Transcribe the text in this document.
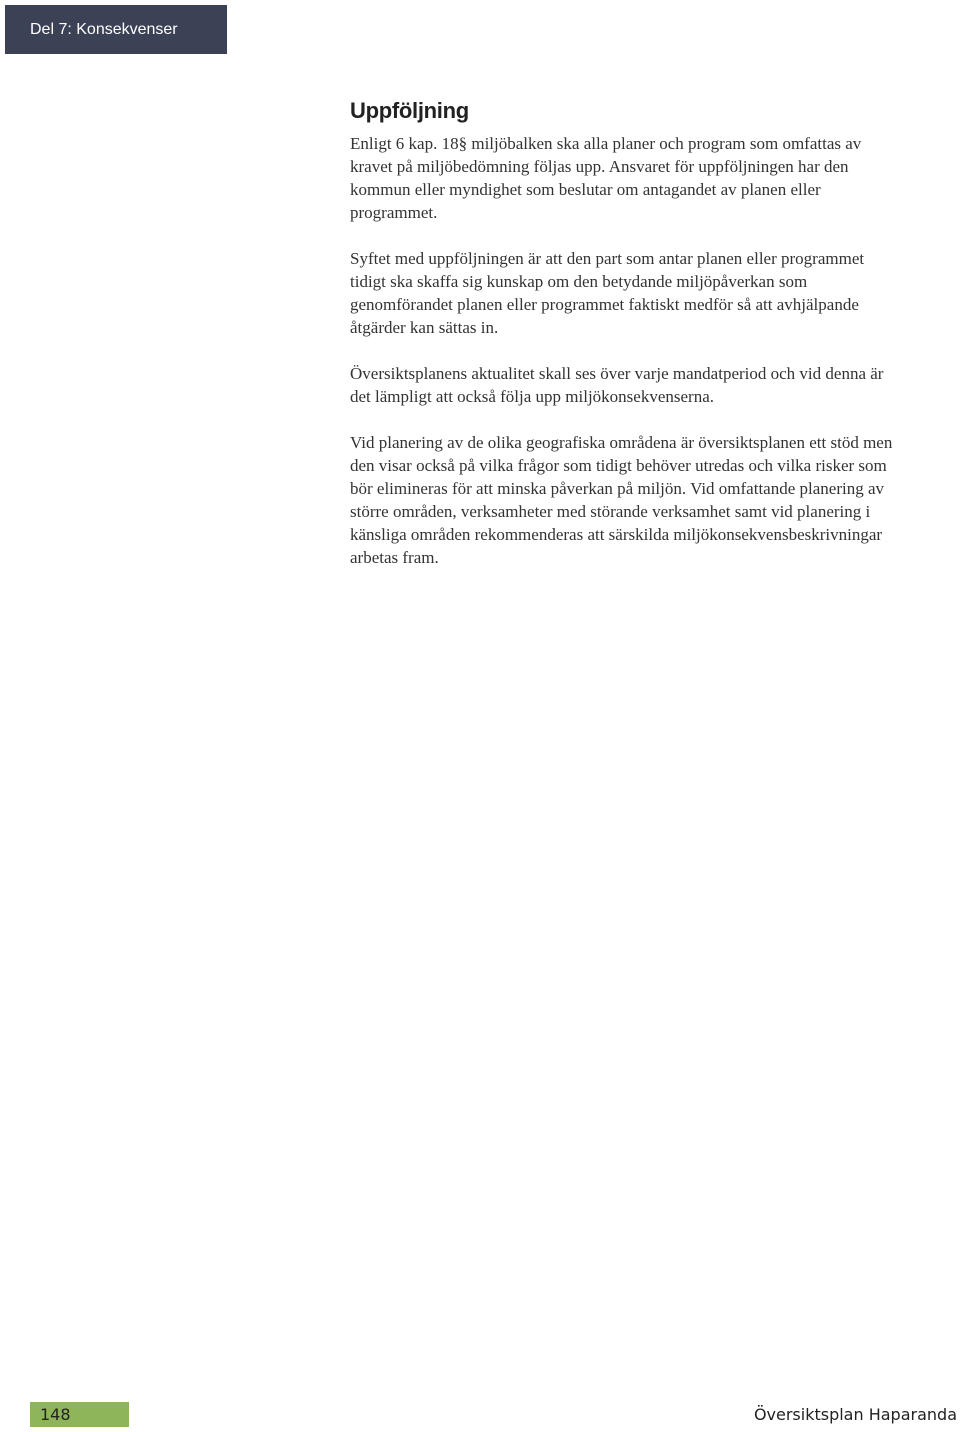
Del 7: Konsekvenser
Uppföljning

Enligt 6 kap. 18§ miljöbalken ska alla planer och program som omfattas av kravet på miljöbedömning följas upp. Ansvaret för uppföljningen har den kommun eller myndighet som beslutar om antagandet av planen eller programmet.

Syftet med uppföljningen är att den part som antar planen eller programmet tidigt ska skaffa sig kunskap om den betydande miljöpåverkan som genomförandet planen eller programmet faktiskt medför så att avhjälpande åtgärder kan sättas in.

Översiktsplanens aktualitet skall ses över varje mandatperiod och vid denna är det lämpligt att också följa upp miljökonsekvenserna.

Vid planering av de olika geografiska områdena är översiktsplanen ett stöd men den visar också på vilka frågor som tidigt behöver utredas och vilka risker som bör elimineras för att minska påverkan på miljön. Vid omfattande planering av större områden, verksamheter med störande verksamhet samt vid planering i känsliga områden rekommenderas att särskilda miljökonsekvensbeskrivningar arbetas fram.

148	Översiktsplan Haparanda
